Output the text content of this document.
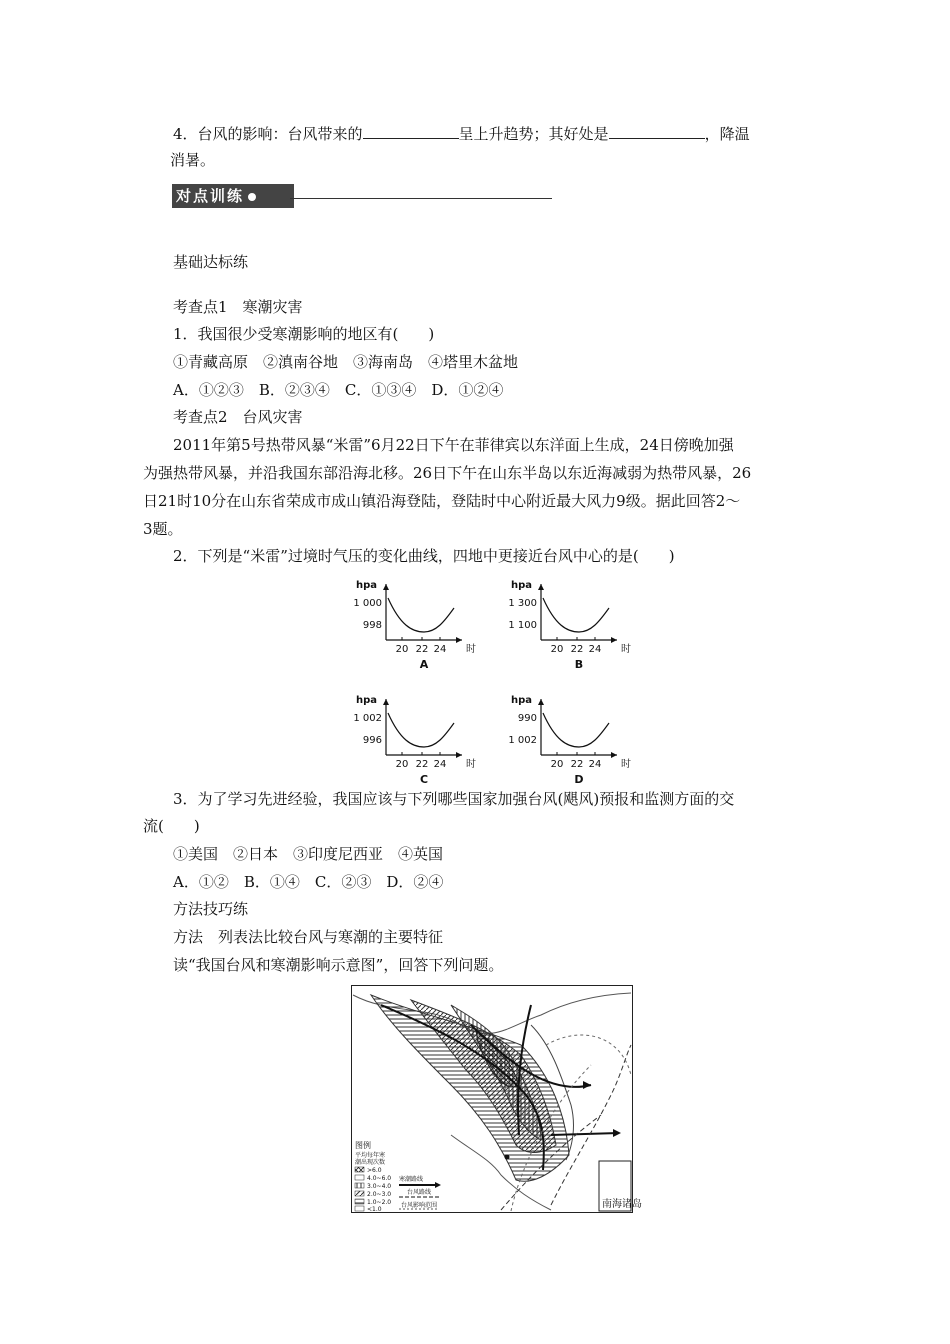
4．台风的影响：台风带来的	呈上升趋势；其好处是	，降温
消暑。
对点训练
基础达标练
考查点1　寒潮灾害
1．我国很少受寒潮影响的地区有(　　)
①青藏高原　②滇南谷地　③海南岛　④塔里木盆地
A．①②③　B．②③④　C．①③④　D．①②④
考查点2　台风灾害
2011年第5号热带风暴“米雷”6月22日下午在菲律宾以东洋面上生成，24日傍晚加强
为强热带风暴，并沿我国东部沿海北移。26日下午在山东半岛以东近海减弱为热带风暴，26
日21时10分在山东省荣成市成山镇沿海登陆，登陆时中心附近最大风力9级。据此回答2～
3题。
2．下列是“米雷”过境时气压的变化曲线，四地中更接近台风中心的是(　　)
hpa
1 000
998
20 22 24 时
A
hpa
1 300
1 100
20 22 24 时
B
hpa
1 002
996
20 22 24 时
C
hpa
990
1 002
20 22 24 时
D
3．为了学习先进经验，我国应该与下列哪些国家加强台风(飓风)预报和监测方面的交
流(　　)
①美国　②日本　③印度尼西亚　④英国
A．①②　B．①④　C．②③　D．②④
方法技巧练
方法　列表法比较台风与寒潮的主要特征
读“我国台风和寒潮影响示意图”，回答下列问题。
南海诸岛
图例
平均每年寒
潮出现次数
>6.0
4.0~6.0
3.0~4.0
2.0~3.0
1.0~2.0
<1.0
寒潮路线
台风路线
台风影响范围
